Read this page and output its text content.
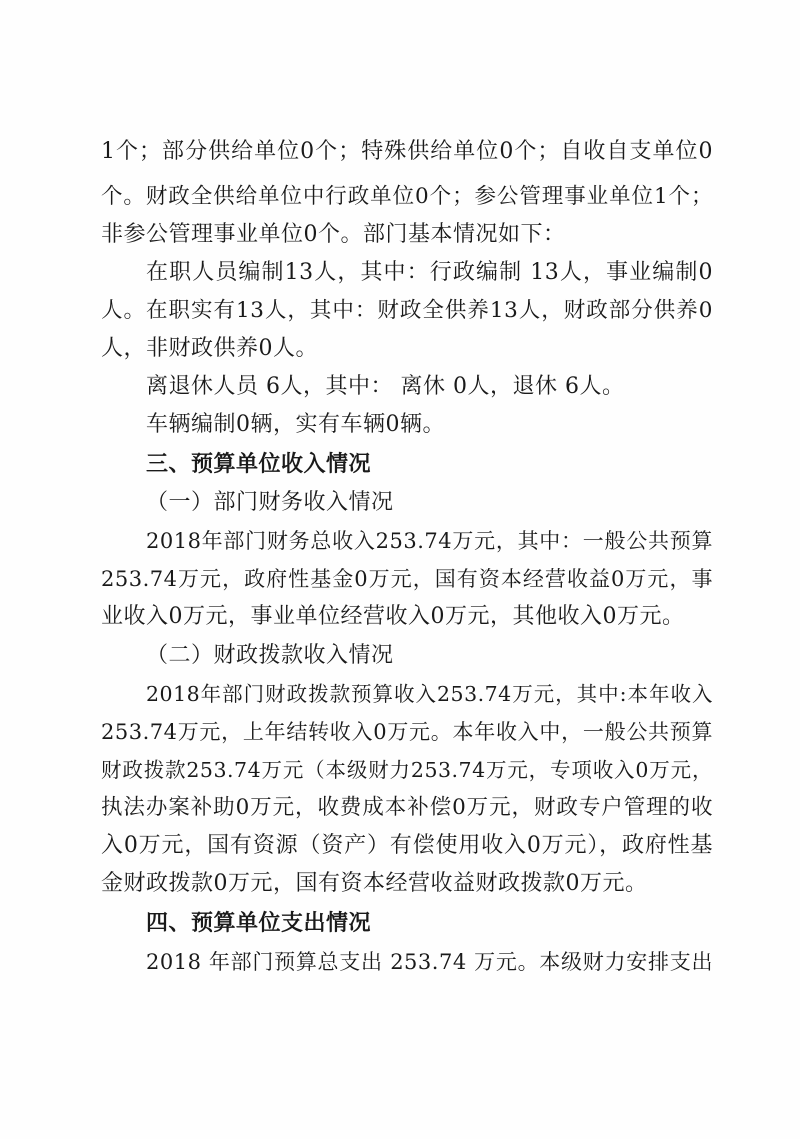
1个；部分供给单位0个；特殊供给单位0个；自收自支单位0
个。财政全供给单位中行政单位0个；参公管理事业单位1个；
非参公管理事业单位0个。部门基本情况如下：
在职人员编制13人，其中：行政编制 13人，事业编制0
人。在职实有13人，其中：财政全供养13人，财政部分供养0
人，非财政供养0人。
离退休人员 6人，其中： 离休 0人，退休 6人。
车辆编制0辆，实有车辆0辆。
三、预算单位收入情况
（一）部门财务收入情况
2018年部门财务总收入253.74万元，其中：一般公共预算
253.74万元，政府性基金0万元，国有资本经营收益0万元，事
业收入0万元，事业单位经营收入0万元，其他收入0万元。
（二）财政拨款收入情况
2018年部门财政拨款预算收入253.74万元，其中:本年收入
253.74万元，上年结转收入0万元。本年收入中，一般公共预算
财政拨款253.74万元（本级财力253.74万元，专项收入0万元，
执法办案补助0万元，收费成本补偿0万元，财政专户管理的收
入0万元，国有资源（资产）有偿使用收入0万元），政府性基
金财政拨款0万元，国有资本经营收益财政拨款0万元。
四、预算单位支出情况
2018 年部门预算总支出 253.74 万元。本级财力安排支出
